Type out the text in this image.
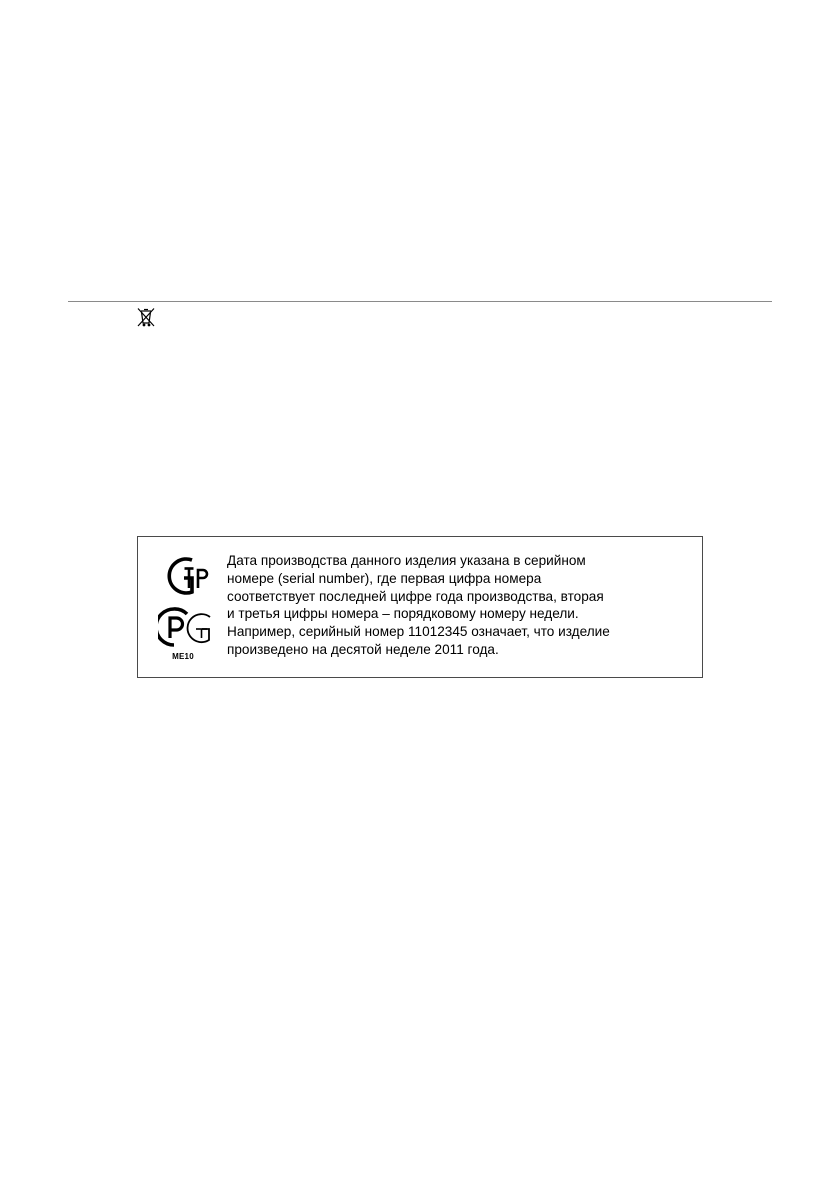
ME10

Дата производства данного изделия указана в серийном
номере (serial number), где первая цифра номера
соответствует последней цифре года производства, вторая
и третья цифры номера – порядковому номеру недели.
Например, серийный номер 11012345 означает, что изделие
произведено на десятой неделе 2011 года.
